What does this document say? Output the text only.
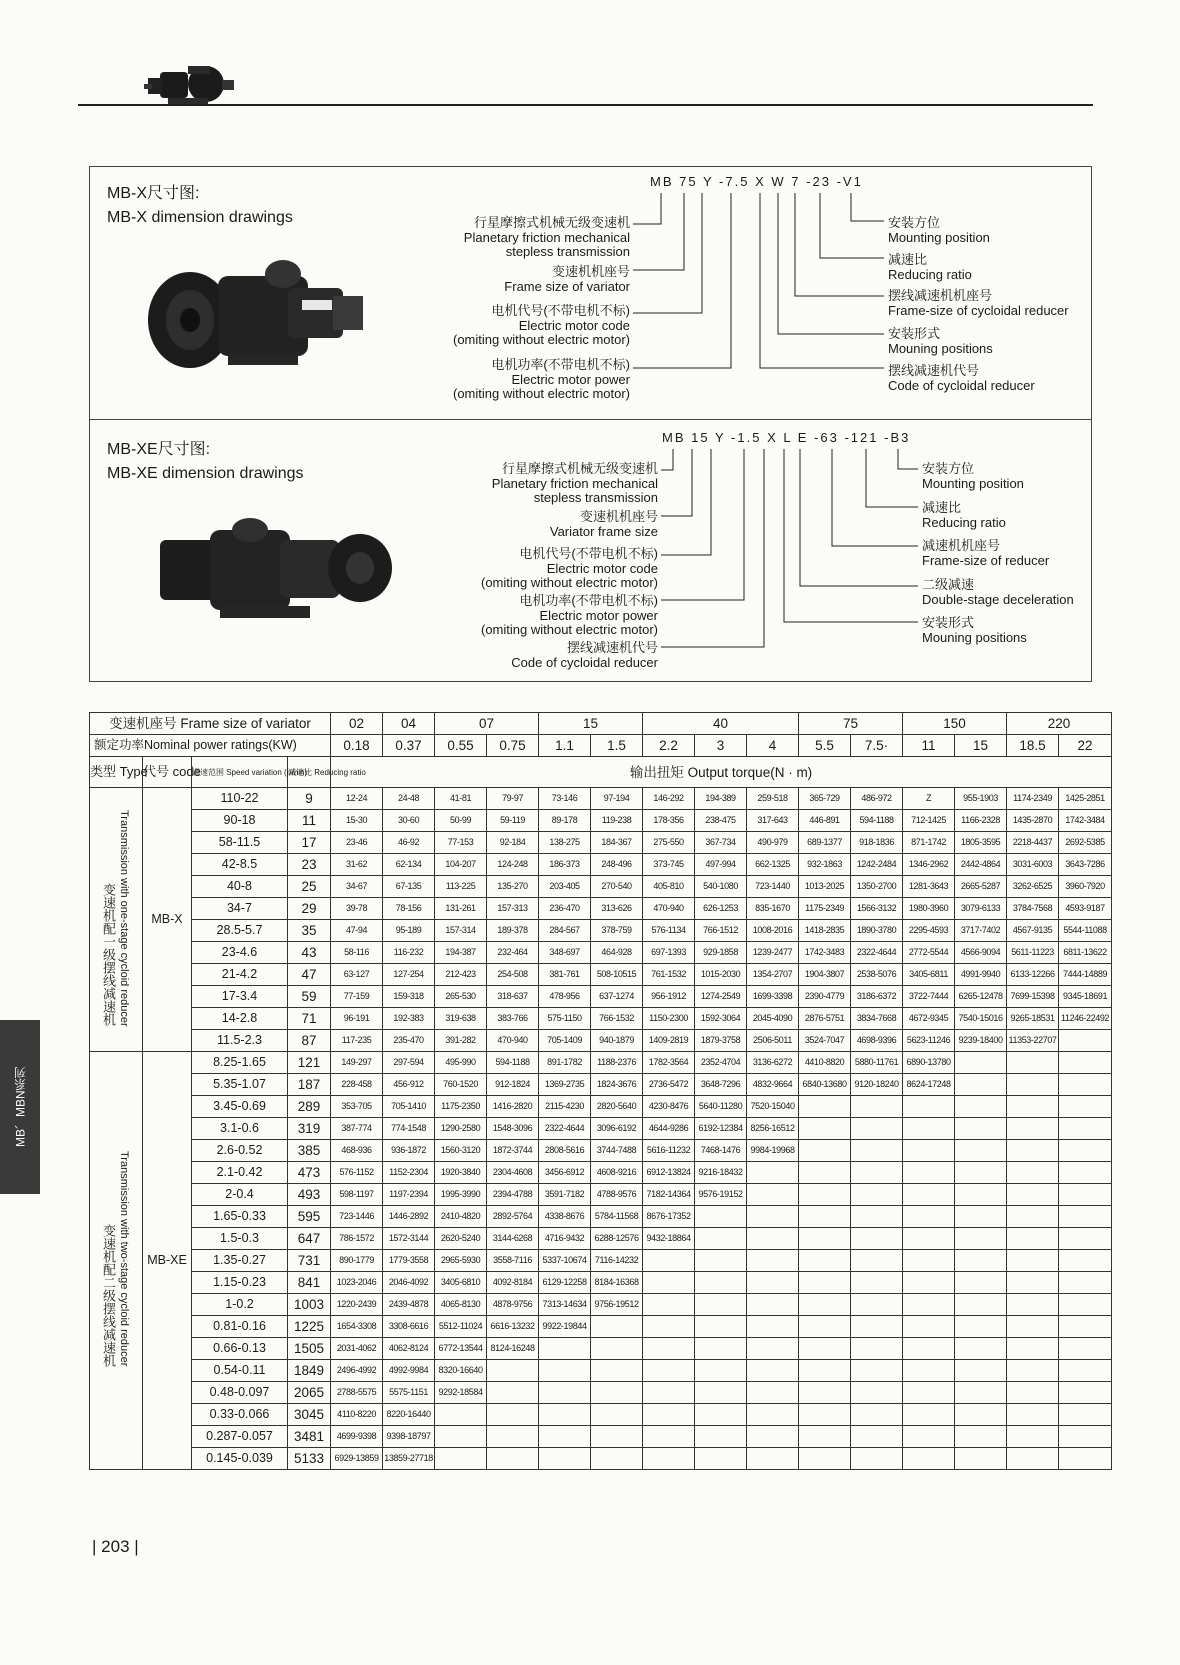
MB-X尺寸图:
MB-X dimension drawings
MB 75 Y -7.5 X W 7 -23 -V1
行星摩擦式机械无级变速机
Planetary friction mechanical
stepless transmission
变速机机座号
Frame size of variator
电机代号(不带电机不标)
Electric motor code
(omiting without electric motor)
电机功率(不带电机不标)
Electric motor power
(omiting without electric motor)
安装方位
Mounting position
减速比
Reducing ratio
摆线减速机机座号
Frame-size of cycloidal reducer
安装形式
Mouning positions
摆线减速机代号
Code of cycloidal reducer
MB-XE尺寸图:
MB-XE dimension drawings
MB 15 Y -1.5 X L E -63 -121 -B3
行星摩擦式机械无级变速机
Planetary friction mechanical
stepless transmission
变速机机座号
Variator frame size
电机代号(不带电机不标)
Electric motor code
(omiting without electric motor)
电机功率(不带电机不标)
Electric motor power
(omiting without electric motor)
摆线减速机代号
Code of cycloidal reducer
安装方位
Mounting position
减速比
Reducing ratio
减速机机座号
Frame-size of reducer
二级减速
Double-stage deceleration
安装形式
Mouning positions
MB、MBN系列
变速机座号 Frame size of variator				02	04	07		15		40			75		150		220	
额定功率Nominal power ratings(KW)				0.18	0.37	0.55	0.75	1.1	1.5	2.2	3	4	5.5	7.5·	11	15	18.5	22
类型 Type	代号 code	调速范围 Speed variation (r/min)	减速比 Reducing ratio	输出扭矩 Output torque(N · m)														
变速机配一级摆线减速机 Transmission with one-stage cycloid reducer	MB-X	110-22	9	12-24	24-48	41-81	79-97	73-146	97-194	146-292	194-389	259-518	365-729	486-972	Z	955-1903	1174-2349	1425-2851
		90-18	11	15-30	30-60	50-99	59-119	89-178	119-238	178-356	238-475	317-643	446-891	594-1188	712-1425	1166-2328	1435-2870	1742-3484
		58-11.5	17	23-46	46-92	77-153	92-184	138-275	184-367	275-550	367-734	490-979	689-1377	918-1836	871-1742	1805-3595	2218-4437	2692-5385
		42-8.5	23	31-62	62-134	104-207	124-248	186-373	248-496	373-745	497-994	662-1325	932-1863	1242-2484	1346-2962	2442-4864	3031-6003	3643-7286
		40-8	25	34-67	67-135	113-225	135-270	203-405	270-540	405-810	540-1080	723-1440	1013-2025	1350-2700	1281-3643	2665-5287	3262-6525	3960-7920
		34-7	29	39-78	78-156	131-261	157-313	236-470	313-626	470-940	626-1253	835-1670	1175-2349	1566-3132	1980-3960	3079-6133	3784-7568	4593-9187
		28.5-5.7	35	47-94	95-189	157-314	189-378	284-567	378-759	576-1134	766-1512	1008-2016	1418-2835	1890-3780	2295-4593	3717-7402	4567-9135	5544-11088
		23-4.6	43	58-116	116-232	194-387	232-464	348-697	464-928	697-1393	929-1858	1239-2477	1742-3483	2322-4644	2772-5544	4566-9094	5611-11223	6811-13622
		21-4.2	47	63-127	127-254	212-423	254-508	381-761	508-10515	761-1532	1015-2030	1354-2707	1904-3807	2538-5076	3405-6811	4991-9940	6133-12266	7444-14889
		17-3.4	59	77-159	159-318	265-530	318-637	478-956	637-1274	956-1912	1274-2549	1699-3398	2390-4779	3186-6372	3722-7444	6265-12478	7699-15398	9345-18691
		14-2.8	71	96-191	192-383	319-638	383-766	575-1150	766-1532	1150-2300	1592-3064	2045-4090	2876-5751	3834-7668	4672-9345	7540-15016	9265-18531	11246-22492
		11.5-2.3	87	117-235	235-470	391-282	470-940	705-1409	940-1879	1409-2819	1879-3758	2506-5011	3524-7047	4698-9396	5623-11246	9239-18400	11353-22707	
变速机配二级摆线减速机 Transmission with two-stage cycloid reducer	MB-XE	8.25-1.65	121	149-297	297-594	495-990	594-1188	891-1782	1188-2376	1782-3564	2352-4704	3136-6272	4410-8820	5880-11761	6890-13780			
		5.35-1.07	187	228-458	456-912	760-1520	912-1824	1369-2735	1824-3676	2736-5472	3648-7296	4832-9664	6840-13680	9120-18240	8624-17248			
		3.45-0.69	289	353-705	705-1410	1175-2350	1416-2820	2115-4230	2820-5640	4230-8476	5640-11280	7520-15040						
		3.1-0.6	319	387-774	774-1548	1290-2580	1548-3096	2322-4644	3096-6192	4644-9286	6192-12384	8256-16512						
		2.6-0.52	385	468-936	936-1872	1560-3120	1872-3744	2808-5616	3744-7488	5616-11232	7468-1476	9984-19968						
		2.1-0.42	473	576-1152	1152-2304	1920-3840	2304-4608	3456-6912	4608-9216	6912-13824	9216-18432							
		2-0.4	493	598-1197	1197-2394	1995-3990	2394-4788	3591-7182	4788-9576	7182-14364	9576-19152							
		1.65-0.33	595	723-1446	1446-2892	2410-4820	2892-5764	4338-8676	5784-11568	8676-17352								
		1.5-0.3	647	786-1572	1572-3144	2620-5240	3144-6268	4716-9432	6288-12576	9432-18864								
		1.35-0.27	731	890-1779	1779-3558	2965-5930	3558-7116	5337-10674	7116-14232									
		1.15-0.23	841	1023-2046	2046-4092	3405-6810	4092-8184	6129-12258	8184-16368									
		1-0.2	1003	1220-2439	2439-4878	4065-8130	4878-9756	7313-14634	9756-19512									
		0.81-0.16	1225	1654-3308	3308-6616	5512-11024	6616-13232	9922-19844										
		0.66-0.13	1505	2031-4062	4062-8124	6772-13544	8124-16248											
		0.54-0.11	1849	2496-4992	4992-9984	8320-16640												
		0.48-0.097	2065	2788-5575	5575-1151	9292-18584												
		0.33-0.066	3045	4110-8220	8220-16440													
		0.287-0.057	3481	4699-9398	9398-18797													
		0.145-0.039	5133	6929-13859	13859-27718													
| 203 |
